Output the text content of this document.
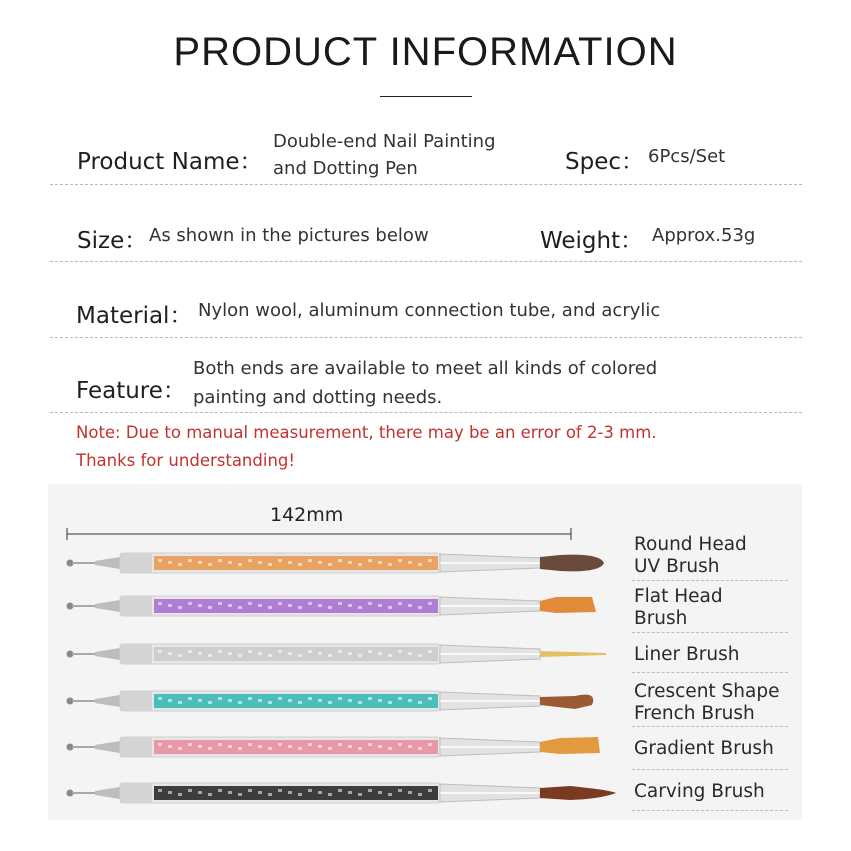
PRODUCT INFORMATION
Product Name：
Double-end Nail Painting
and Dotting Pen	Spec： 6Pcs/Set
Size： As shown in the pictures below	Weight： Approx.53g
Material： Nylon wool, aluminum connection tube, and acrylic
Feature：
Both ends are available to meet all kinds of colored
painting and dotting needs.
Note: Due to manual measurement, there may be an error of 2-3 mm.
Thanks for understanding!
142mm
Round Head
UV Brush
Flat Head
Brush
Liner Brush
Crescent Shape
French Brush
Gradient Brush
Carving Brush
